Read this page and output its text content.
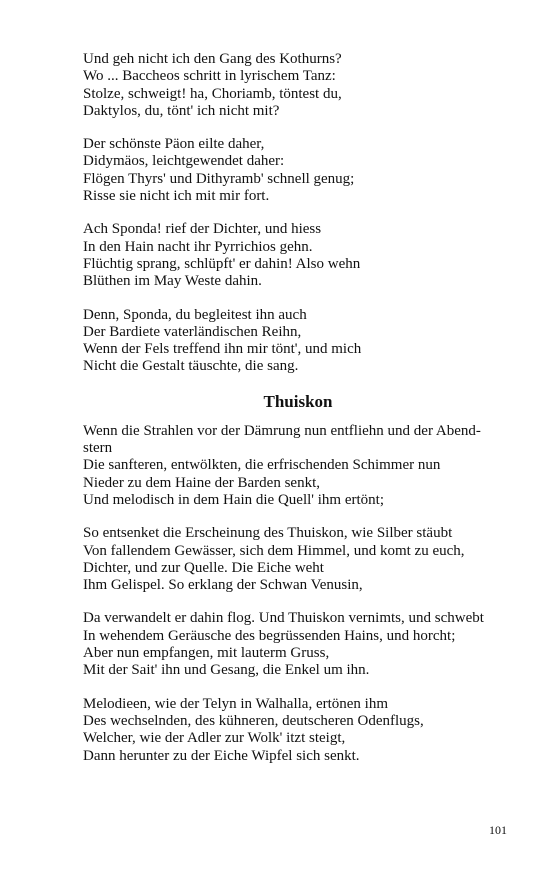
Und geh nicht ich den Gang des Kothurns?
Wo ... Baccheos schritt in lyrischem Tanz:
Stolze, schweigt! ha, Choriamb, töntest du,
Daktylos, du, tönt' ich nicht mit?
Der schönste Päon eilte daher,
Didymäos, leichtgewendet daher:
Flögen Thyrs' und Dithyramb' schnell genug;
Risse sie nicht ich mit mir fort.
Ach Sponda! rief der Dichter, und hiess
In den Hain nacht ihr Pyrrichios gehn.
Flüchtig sprang, schlüpft' er dahin! Also wehn
Blüthen im May Weste dahin.
Denn, Sponda, du begleitest ihn auch
Der Bardiete vaterländischen Reihn,
Wenn der Fels treffend ihn mir tönt', und mich
Nicht die Gestalt täuschte, die sang.
Thuiskon
Wenn die Strahlen vor der Dämrung nun entfliehn und der Abend-
stern
Die sanfteren, entwölkten, die erfrischenden Schimmer nun
Nieder zu dem Haine der Barden senkt,
Und melodisch in dem Hain die Quell' ihm ertönt;
So entsenket die Erscheinung des Thuiskon, wie Silber stäubt
Von fallendem Gewässer, sich dem Himmel, und komt zu euch,
Dichter, und zur Quelle. Die Eiche weht
Ihm Gelispel. So erklang der Schwan Venusin,
Da verwandelt er dahin flog. Und Thuiskon vernimts, und schwebt
In wehendem Geräusche des begrüssenden Hains, und horcht;
Aber nun empfangen, mit lauterm Gruss,
Mit der Sait' ihn und Gesang, die Enkel um ihn.
Melodieen, wie der Telyn in Walhalla, ertönen ihm
Des wechselnden, des kühneren, deutscheren Odenflugs,
Welcher, wie der Adler zur Wolk' itzt steigt,
Dann herunter zu der Eiche Wipfel sich senkt.
101
